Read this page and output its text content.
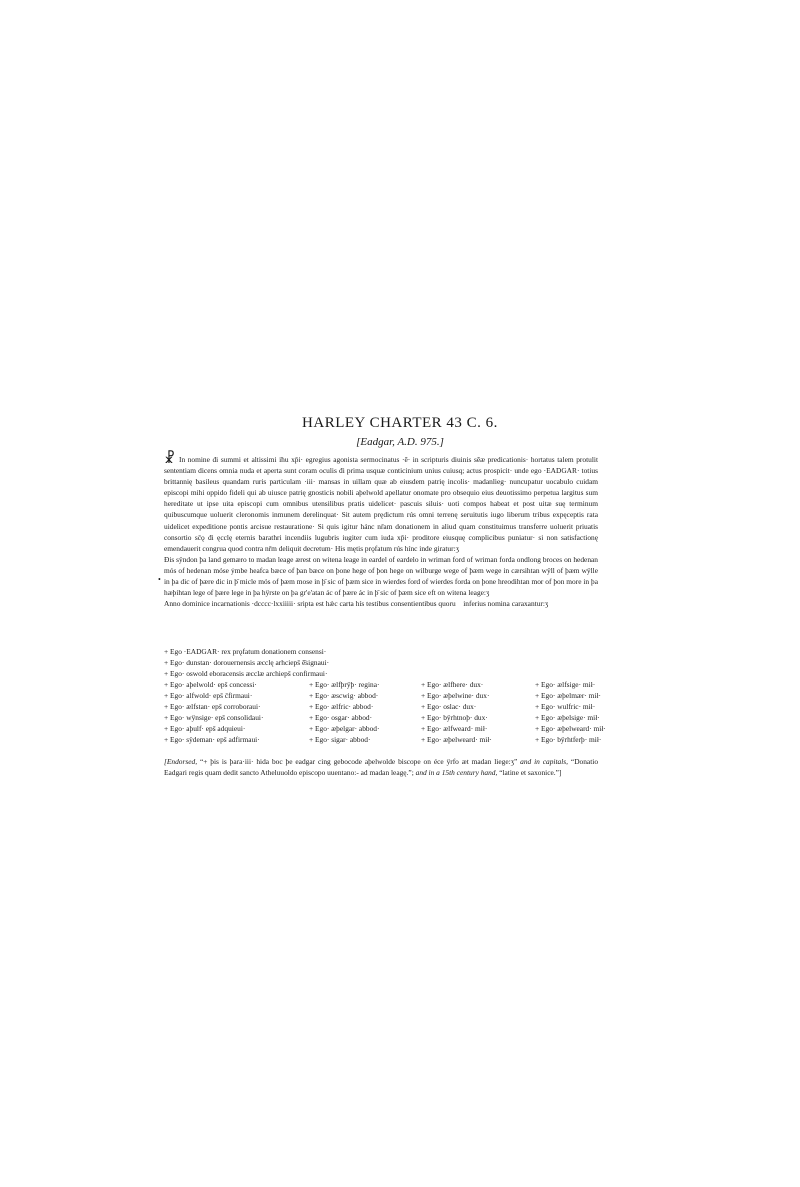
HARLEY CHARTER 43 C. 6.
[Eadgar, A.D. 975.]
•

☧ In nomine đi summi et altissimi iħu xp̄i· egregius agonista sermocinatus ·ē· in scripturis diuinis sēæ predicationis· hortatus talem protulit sententiam dicens omnia nuda et aperta sunt coram oculis đi prima usquæ conticinium unius cuiusq; actus prospicit· unde ego ·EADGAR· totius brittannię basileus quandam ruris particulam ·iii· mansas in uillam quæ ab eiusdem patrię incolis· madanlieg· nuncupatur uocabulo cuidam episcopi mihi oppido fideli qui ab uiusce patrię gnosticis nobili aþelwold apellatur onomate pro obsequio eius deuotissimo perpetua largitus sum hereditate ut ipse uita episcopi cum omnibus utensilibus pratis uidelicet· pascuis siluis· uoti compos habeat et post uitæ suę terminum quibuscumque uoluerit cleronomis inmunem derelinquat· Sit autem prędictum rús omni terrenę seruitutis iugo liberum tribus expęceptis rata uidelicet expeditione pontis arcisue restauratione· Si quis igitur hánc nr̄am donationem in aliud quam constituimus transferre uoluerit priuatis consortio sc̄ǫ đi ęcclę eternis barathri incendiis lugubris iugiter cum iuda xp̄i· proditore eiusquę complicibus puniatur· si non satisfactionę emendauerit congrua quod contra nr̄m deliquit decretum· His mętis prǫfatum rús hínc inde giratur:ʒ

Đis sÿndon þa land gemæro to madan leage ærest on witena leage in eardel of eardelo in wriman ford of wriman forda ondlong broces on hedenan mós of hedenan móse ẏmbe heafca bæce of þan bæce on þone hege of þon hege on wilburge wege of þæm wege in cærsihtan wÿll of þæm wÿlle in þa dic of þære dic in þ̄ micle mós of þæm mose in þ̄ sic of þæm sice in wierdes ford of wierdes forda on þone hreodihtan mor of þon more in þa hæþihtan lege of þære lege in þa hÿrste on þa gr'e'atan ác of þære ác in þ̄ sic of þæm sice eft on witena leage:ʒ

Anno dominice incarnationis ·dcccc·lxxiiiii· sripta est hǽc carta hís testibus consentientibus quoru᷑ inferius nomina caraxantur:ʒ

+ Ego ·EADGAR· rex prǫfatum donationem consensi·
+ Ego· dunstan· dorouernensis æcclę arhcieps̄ ē̄signaui·
+ Ego· oswold eboracensis æcclæ archieps̄ confirmaui·
+ Ego· aþelwold· eps̄ concessi·
+ Ego· alfwold· eps̄ c̄firmaui·
+ Ego· ælfstan· eps̄ corroboraui·
+ Ego· wÿnsige· eps̄ consolidaui·
+ Ego· aþulf· eps̄ adquieui·
+ Ego· sÿdeman· eps̄ adfirmaui·
+ Ego· ælfþrÿþ· regina·
+ Ego· æscwig· abbod·
+ Ego· ælfric· abbod·
+ Ego· osgar· abbod·
+ Ego· æþelgar· abbod·
+ Ego· sigar· abbod·
+ Ego· ælfhere· dux·
+ Ego· æþelwine· dux·
+ Ego· oslac· dux·
+ Ego· bÿrhtnoþ· dux·
+ Ego· ælfweard· mił·
+ Ego· æþelweard· mił·
+ Ego· ælfsige· mił·
+ Ego· æþelmær· mił·
+ Ego· wulfric· mił·
+ Ego· æþelsige· mił·
+ Ego· æþelweard· mił·
+ Ego· bÿrhtferþ· mił·
[Endorsed, “+ þis is þara·iii· hida boc þe eadgar cing gebocode aþelwolde biscope on éce ÿrfo æt madan liege:ʒ” and in capitals, “Donatio Eadgari regis quam dedit sancto Atheluuoldo episcopo uuentano:- ad madan leagę.”; and in a 15th century hand, “latine et saxonice.”]
